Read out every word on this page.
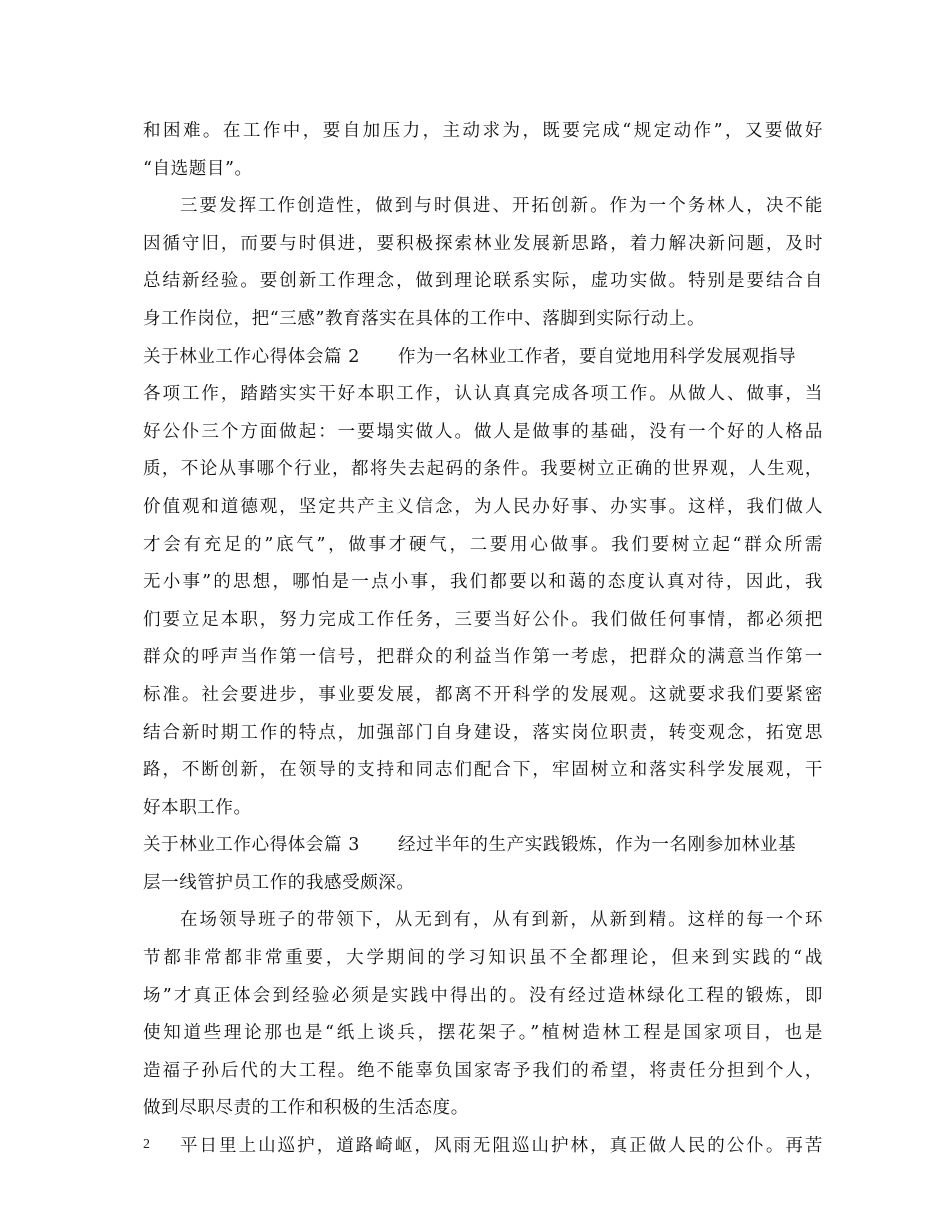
和困难。在工作中，要自加压力，主动求为，既要完成“规定动作”，又要做好
“自选题目”。
三要发挥工作创造性，做到与时俱进、开拓创新。作为一个务林人，决不能
因循守旧，而要与时俱进，要积极探索林业发展新思路，着力解决新问题，及时
总结新经验。要创新工作理念，做到理论联系实际，虚功实做。特别是要结合自
身工作岗位，把“三感”教育落实在具体的工作中、落脚到实际行动上。
关于林业工作心得体会篇 2 作为一名林业工作者，要自觉地用科学发展观指导
各项工作，踏踏实实干好本职工作，认认真真完成各项工作。从做人、做事，当
好公仆三个方面做起：一要塌实做人。做人是做事的基础，没有一个好的人格品
质，不论从事哪个行业，都将失去起码的条件。我要树立正确的世界观，人生观，
价值观和道德观，坚定共产主义信念，为人民办好事、办实事。这样，我们做人
才会有充足的”底气”，做事才硬气，二要用心做事。我们要树立起“群众所需
无小事”的思想，哪怕是一点小事，我们都要以和蔼的态度认真对待，因此，我
们要立足本职，努力完成工作任务，三要当好公仆。我们做任何事情，都必须把
群众的呼声当作第一信号，把群众的利益当作第一考虑，把群众的满意当作第一
标准。社会要进步，事业要发展，都离不开科学的发展观。这就要求我们要紧密
结合新时期工作的特点，加强部门自身建设，落实岗位职责，转变观念，拓宽思
路，不断创新，在领导的支持和同志们配合下，牢固树立和落实科学发展观，干
好本职工作。
关于林业工作心得体会篇 3 经过半年的生产实践锻炼，作为一名刚参加林业基
层一线管护员工作的我感受颇深。
在场领导班子的带领下，从无到有，从有到新，从新到精。这样的每一个环
节都非常都非常重要，大学期间的学习知识虽不全都理论，但来到实践的“战
场”才真正体会到经验必须是实践中得出的。没有经过造林绿化工程的锻炼，即
使知道些理论那也是“纸上谈兵，摆花架子。”植树造林工程是国家项目，也是
造福子孙后代的大工程。绝不能辜负国家寄予我们的希望，将责任分担到个人，
做到尽职尽责的工作和积极的生活态度。
平日里上山巡护，道路崎岖，风雨无阻巡山护林，真正做人民的公仆。再苦
2
